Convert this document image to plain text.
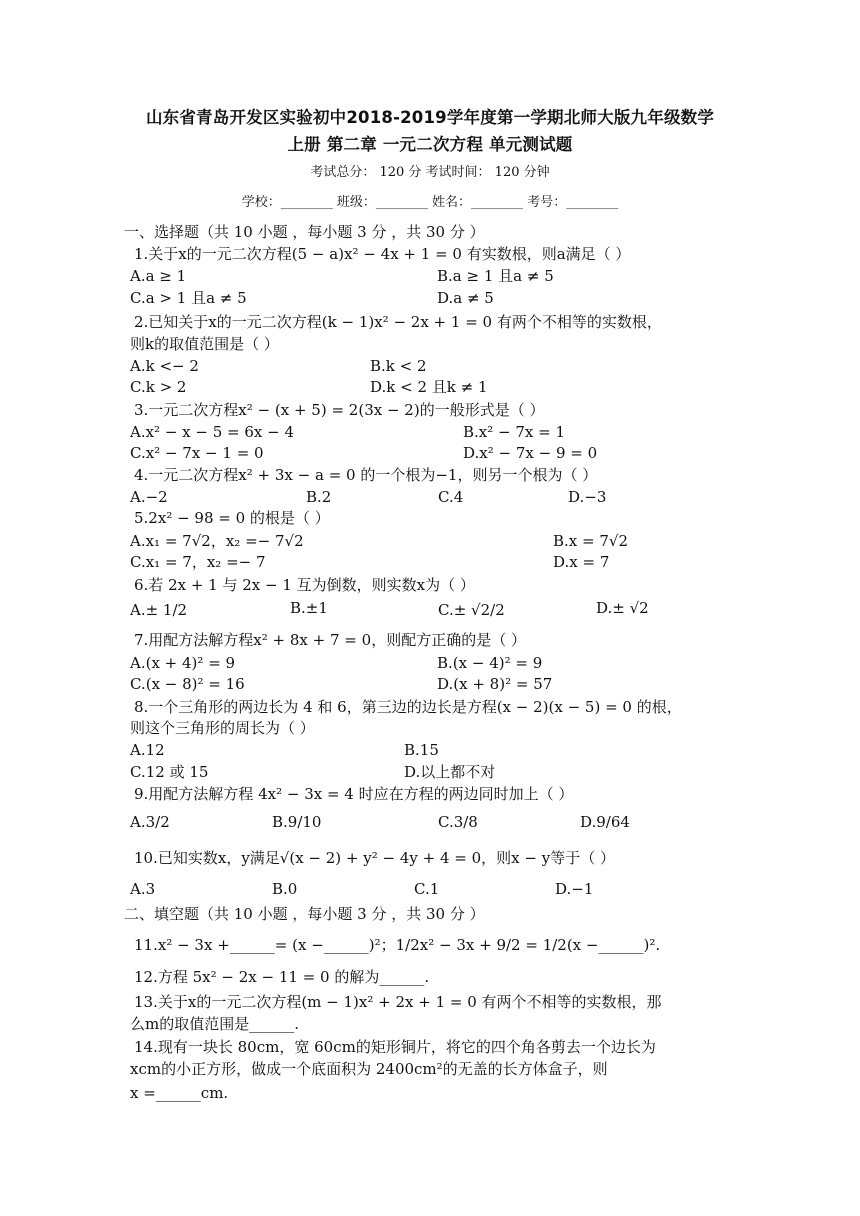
山东省青岛开发区实验初中2018-2019学年度第一学期北师大版九年级数学
上册 第二章 一元二次方程 单元测试题
考试总分： 120 分 考试时间： 120 分钟
学校：________ 班级：________ 姓名：________ 考号：________
一、选择题（共 10 小题 ，每小题 3 分 ，共 30 分 ）
1.关于x的一元二次方程(5 − a)x² − 4x + 1 = 0 有实数根，则a满足（ ）
A.a ≥ 1	B.a ≥ 1 且a ≠ 5
C.a > 1 且a ≠ 5	D.a ≠ 5
2.已知关于x的一元二次方程(k − 1)x² − 2x + 1 = 0 有两个不相等的实数根，
则k的取值范围是（ ）
A.k <− 2	B.k < 2
C.k > 2	D.k < 2 且k ≠ 1
3.一元二次方程x² − (x + 5) = 2(3x − 2)的一般形式是（ ）
A.x² − x − 5 = 6x − 4	B.x² − 7x = 1
C.x² − 7x − 1 = 0	D.x² − 7x − 9 = 0
4.一元二次方程x² + 3x − a = 0 的一个根为−1，则另一个根为（ ）
A.−2	B.2	C.4	D.−3
5.2x² − 98 = 0 的根是（ ）
A.x₁ = 7√2，x₂ =− 7√2	B.x = 7√2
C.x₁ = 7，x₂ =− 7	D.x = 7
6.若 2x + 1 与 2x − 1 互为倒数，则实数x为（ ）
A.± 1/2	B.±1	C.± √2/2	D.± √2
7.用配方法解方程x² + 8x + 7 = 0，则配方正确的是（ ）
A.(x + 4)² = 9	B.(x − 4)² = 9
C.(x − 8)² = 16	D.(x + 8)² = 57
8.一个三角形的两边长为 4 和 6，第三边的边长是方程(x − 2)(x − 5) = 0 的根，
则这个三角形的周长为（ ）
A.12	B.15
C.12 或 15	D.以上都不对
9.用配方法解方程 4x² − 3x = 4 时应在方程的两边同时加上（ ）
A.3/2	B.9/10	C.3/8	D.9/64
10.已知实数x，y满足√(x − 2) + y² − 4y + 4 = 0，则x − y等于（ ）
A.3	B.0	C.1	D.−1
二、填空题（共 10 小题 ，每小题 3 分 ，共 30 分 ）
11.x² − 3x +______= (x −______)²；1/2x² − 3x + 9/2 = 1/2(x −______)².
12.方程 5x² − 2x − 11 = 0 的解为______.
13.关于x的一元二次方程(m − 1)x² + 2x + 1 = 0 有两个不相等的实数根，那
么m的取值范围是______.
14.现有一块长 80cm，宽 60cm的矩形铜片，将它的四个角各剪去一个边长为
xcm的小正方形，做成一个底面积为 2400cm²的无盖的长方体盒子，则
x =______cm.
